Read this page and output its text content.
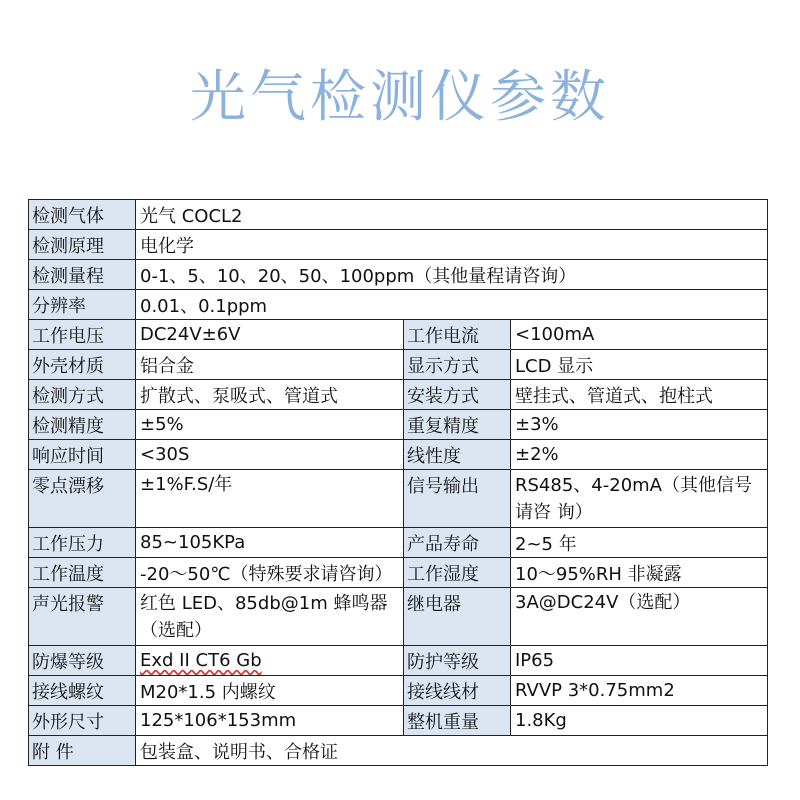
光气检测仪参数
检测气体	光气 COCL2		
检测原理	电化学		
检测量程	0-1、5、10、20、50、100ppm（其他量程请咨询）		
分辨率	0.01、0.1ppm		
工作电压	DC24V±6V	工作电流	<100mA
外壳材质	铝合金	显示方式	LCD 显示
检测方式	扩散式、泵吸式、管道式	安装方式	壁挂式、管道式、抱柱式
检测精度	±5%	重复精度	±3%
响应时间	<30S	线性度	±2%
零点漂移	±1%F.S/年	信号输出	RS485、4-20mA（其他信号请咨 询）
工作压力	85~105KPa	产品寿命	2~5 年
工作温度	-20～50℃（特殊要求请咨询）	工作湿度	10～95%RH 非凝露
声光报警	红色 LED、85db@1m 蜂鸣器（选配）	继电器	3A@DC24V（选配）
防爆等级	Exd II CT6 Gb	防护等级	IP65
接线螺纹	M20*1.5 内螺纹	接线线材	RVVP 3*0.75mm2
外形尺寸	125*106*153mm	整机重量	1.8Kg
附 件	包装盒、说明书、合格证		
